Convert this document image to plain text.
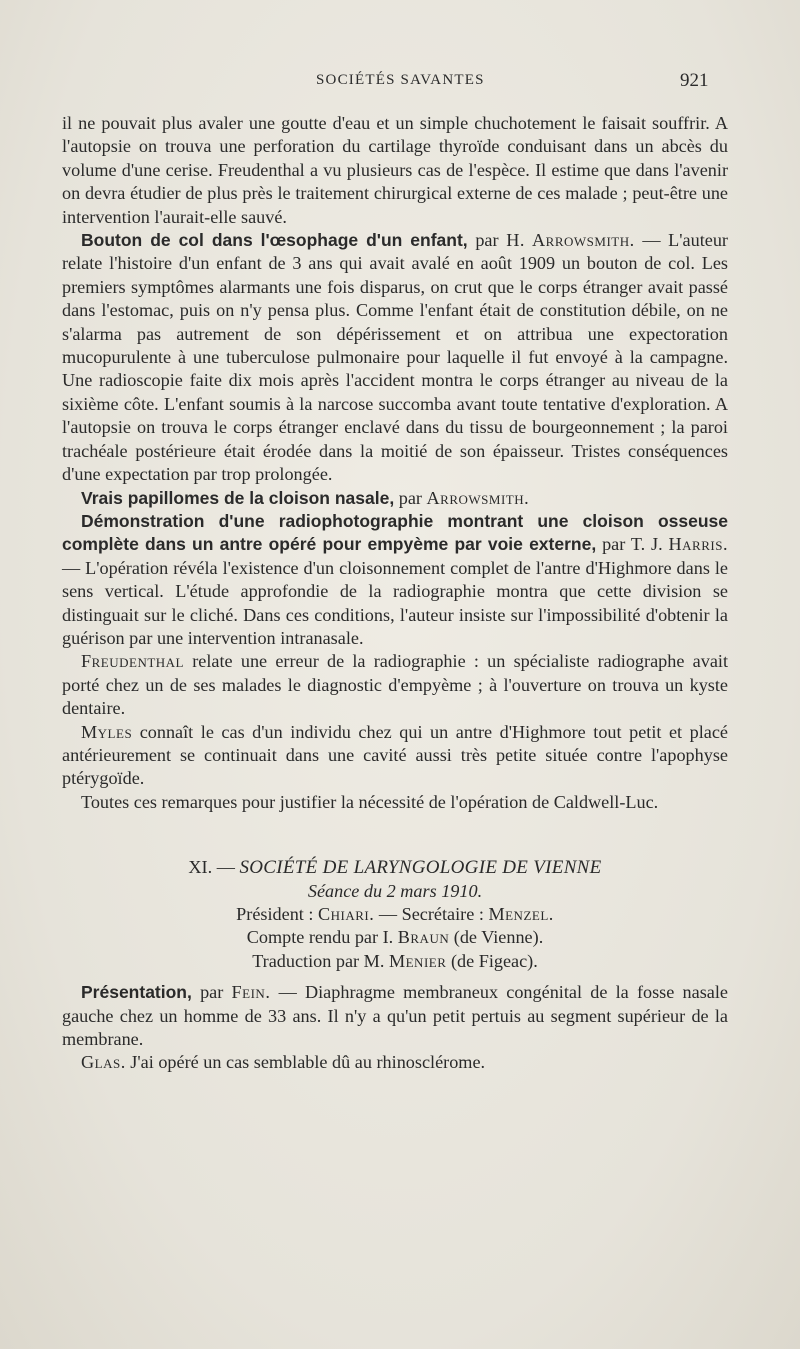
SOCIÉTÉS SAVANTES	921

il ne pouvait plus avaler une goutte d'eau et un simple chuchotement le faisait souffrir. A l'autopsie on trouva une perforation du cartilage thyroïde conduisant dans un abcès du volume d'une cerise. Freudenthal a vu plusieurs cas de l'espèce. Il estime que dans l'avenir on devra étudier de plus près le traitement chirurgical externe de ces malade ; peut-être une intervention l'aurait-elle sauvé.

Bouton de col dans l'œsophage d'un enfant, par H. Arrowsmith. — L'auteur relate l'histoire d'un enfant de 3 ans qui avait avalé en août 1909 un bouton de col. Les premiers symptômes alarmants une fois disparus, on crut que le corps étranger avait passé dans l'estomac, puis on n'y pensa plus. Comme l'enfant était de constitution débile, on ne s'alarma pas autrement de son dépérissement et on attribua une expectoration mucopurulente à une tuberculose pulmonaire pour laquelle il fut envoyé à la campagne. Une radioscopie faite dix mois après l'accident montra le corps étranger au niveau de la sixième côte. L'enfant soumis à la narcose succomba avant toute tentative d'exploration. A l'autopsie on trouva le corps étranger enclavé dans du tissu de bourgeonnement ; la paroi trachéale postérieure était érodée dans la moitié de son épaisseur. Tristes conséquences d'une expectation par trop prolongée.

Vrais papillomes de la cloison nasale, par Arrowsmith.

Démonstration d'une radiophotographie montrant une cloison osseuse complète dans un antre opéré pour empyème par voie externe, par T. J. Harris. — L'opération révéla l'existence d'un cloisonnement complet de l'antre d'Highmore dans le sens vertical. L'étude approfondie de la radiographie montra que cette division se distinguait sur le cliché. Dans ces conditions, l'auteur insiste sur l'impossibilité d'obtenir la guérison par une intervention intranasale.

Freudenthal relate une erreur de la radiographie : un spécialiste radiographe avait porté chez un de ses malades le diagnostic d'empyème ; à l'ouverture on trouva un kyste dentaire.

Myles connaît le cas d'un individu chez qui un antre d'Highmore tout petit et placé antérieurement se continuait dans une cavité aussi très petite située contre l'apophyse ptérygoïde.

Toutes ces remarques pour justifier la nécessité de l'opération de Caldwell-Luc.

XI. — SOCIÉTÉ DE LARYNGOLOGIE DE VIENNE

Séance du 2 mars 1910.

Président : Chiari. — Secrétaire : Menzel.

Compte rendu par I. Braun (de Vienne).

Traduction par M. Menier (de Figeac).

Présentation, par Fein. — Diaphragme membraneux congénital de la fosse nasale gauche chez un homme de 33 ans. Il n'y a qu'un petit pertuis au segment supérieur de la membrane.

Glas. J'ai opéré un cas semblable dû au rhinosclérome.
